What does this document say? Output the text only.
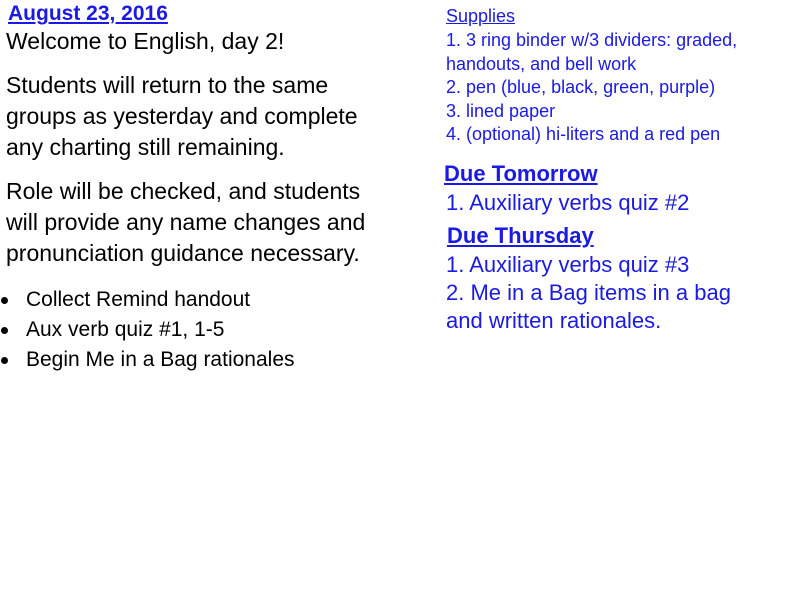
August 23, 2016
Welcome to English, day 2!
Students will return to the same
groups as yesterday and complete
any charting still remaining.
Role will be checked, and students
will provide any name changes and
pronunciation guidance necessary.
Collect Remind handout
Aux verb quiz #1, 1-5
Begin Me in a Bag rationales
Supplies
1. 3 ring binder w/3 dividers: graded,
handouts, and bell work
2. pen (blue, black, green, purple)
3. lined paper
4. (optional) hi-liters and a red pen
Due Tomorrow
1. Auxiliary verbs quiz #2
Due Thursday
1. Auxiliary verbs quiz #3
2. Me in a Bag items in a bag
and written rationales.
